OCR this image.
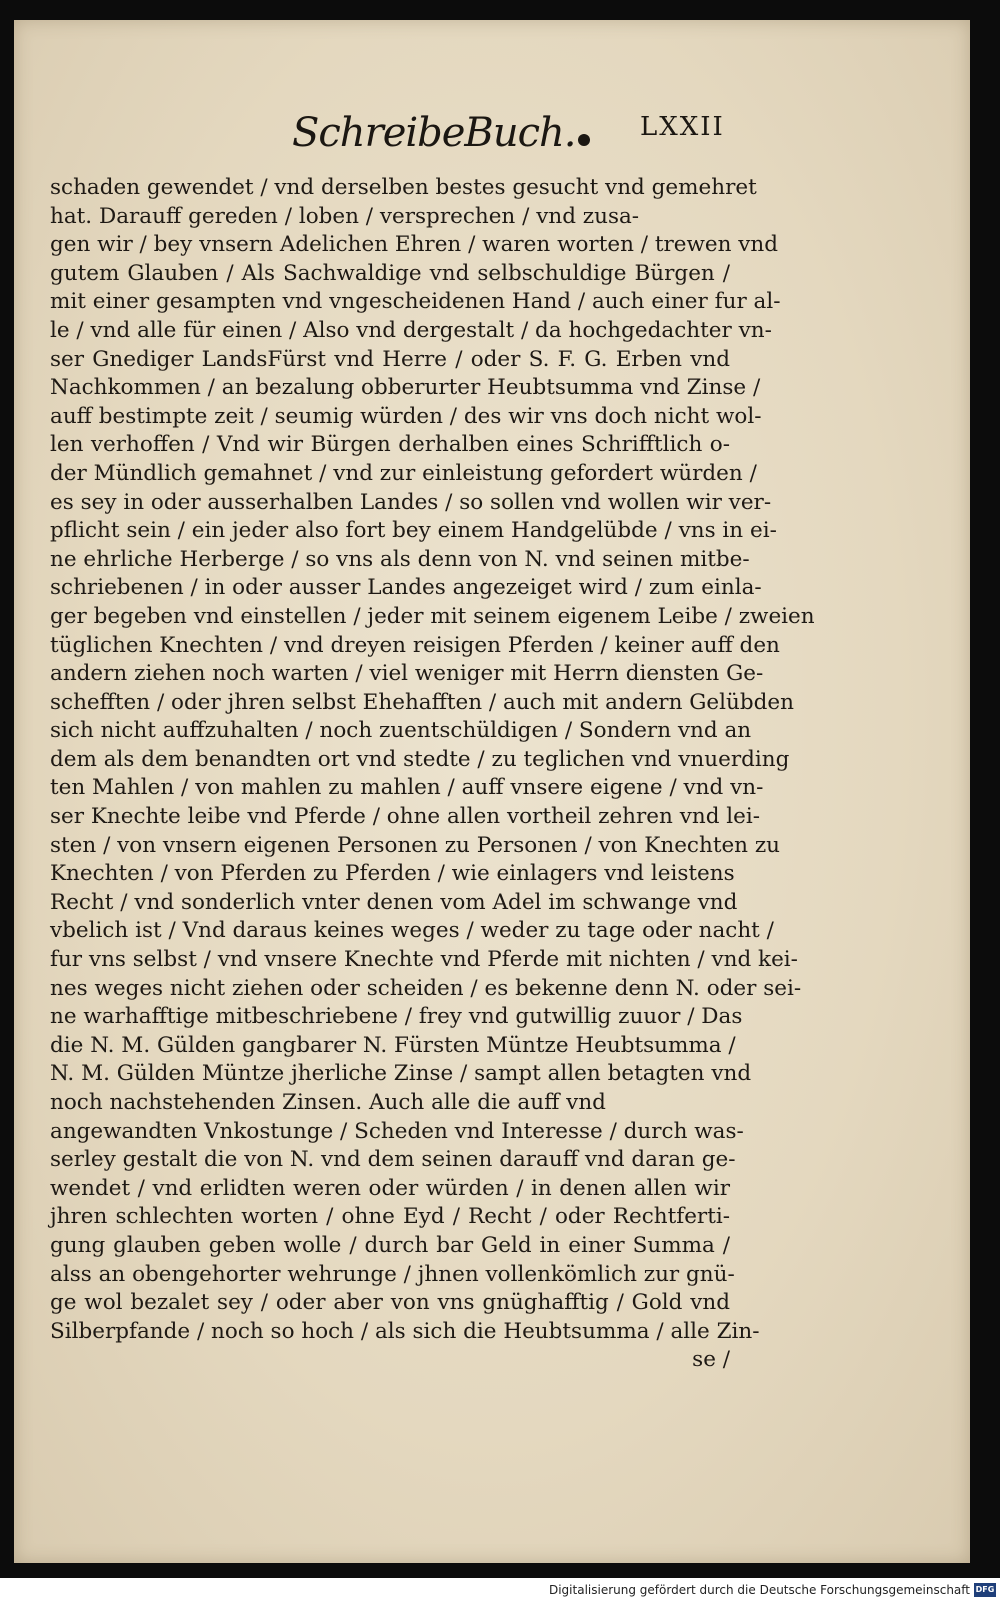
SchreibeBuch. LXXII
schaden gewendet / vnd derselben bestes gesucht vnd gemehret
hat. Darauff gereden / loben / versprechen / vnd zusa-
gen wir / bey vnsern Adelichen Ehren / waren worten / trewen vnd
gutem Glauben / Als Sachwaldige vnd selbschuldige Bürgen /
mit einer gesampten vnd vngescheidenen Hand / auch einer fur al-
le / vnd alle für einen / Also vnd dergestalt / da hochgedachter vn-
ser Gnediger LandsFürst vnd Herre / oder S. F. G. Erben vnd
Nachkommen / an bezalung obberurter Heubtsumma vnd Zinse /
auff bestimpte zeit / seumig würden / des wir vns doch nicht wol-
len verhoffen / Vnd wir Bürgen derhalben eines Schrifftlich o-
der Mündlich gemahnet / vnd zur einleistung gefordert würden /
es sey in oder ausserhalben Landes / so sollen vnd wollen wir ver-
pflicht sein / ein jeder also fort bey einem Handgelübde / vns in ei-
ne ehrliche Herberge / so vns als denn von N. vnd seinen mitbe-
schriebenen / in oder ausser Landes angezeiget wird / zum einla-
ger begeben vnd einstellen / jeder mit seinem eigenem Leibe / zweien
tüglichen Knechten / vnd dreyen reisigen Pferden / keiner auff den
andern ziehen noch warten / viel weniger mit Herrn diensten Ge-
schefften / oder jhren selbst Ehehafften / auch mit andern Gelübden
sich nicht auffzuhalten / noch zuentschüldigen / Sondern vnd an
dem als dem benandten ort vnd stedte / zu teglichen vnd vnuerding
ten Mahlen / von mahlen zu mahlen / auff vnsere eigene / vnd vn-
ser Knechte leibe vnd Pferde / ohne allen vortheil zehren vnd lei-
sten / von vnsern eigenen Personen zu Personen / von Knechten zu
Knechten / von Pferden zu Pferden / wie einlagers vnd leistens
Recht / vnd sonderlich vnter denen vom Adel im schwange vnd
vbelich ist / Vnd daraus keines weges / weder zu tage oder nacht /
fur vns selbst / vnd vnsere Knechte vnd Pferde mit nichten / vnd kei-
nes weges nicht ziehen oder scheiden / es bekenne denn N. oder sei-
ne warhafftige mitbeschriebene / frey vnd gutwillig zuuor / Das
die N. M. Gülden gangbarer N. Fürsten Müntze Heubtsumma /
N. M. Gülden Müntze jherliche Zinse / sampt allen betagten vnd
noch nachstehenden Zinsen. Auch alle die auff vnd
angewandten Vnkostunge / Scheden vnd Interesse / durch was-
serley gestalt die von N. vnd dem seinen darauff vnd daran ge-
wendet / vnd erlidten weren oder würden / in denen allen wir
jhren schlechten worten / ohne Eyd / Recht / oder Rechtferti-
gung glauben geben wolle / durch bar Geld in einer Summa /
alss an obengehorter wehrunge / jhnen vollenkömlich zur gnü-
ge wol bezalet sey / oder aber von vns gnüghafftig / Gold vnd
Silberpfande / noch so hoch / als sich die Heubtsumma / alle Zin-
se /
Digitalisierung gefördert durch die Deutsche Forschungsgemeinschaft DFG
